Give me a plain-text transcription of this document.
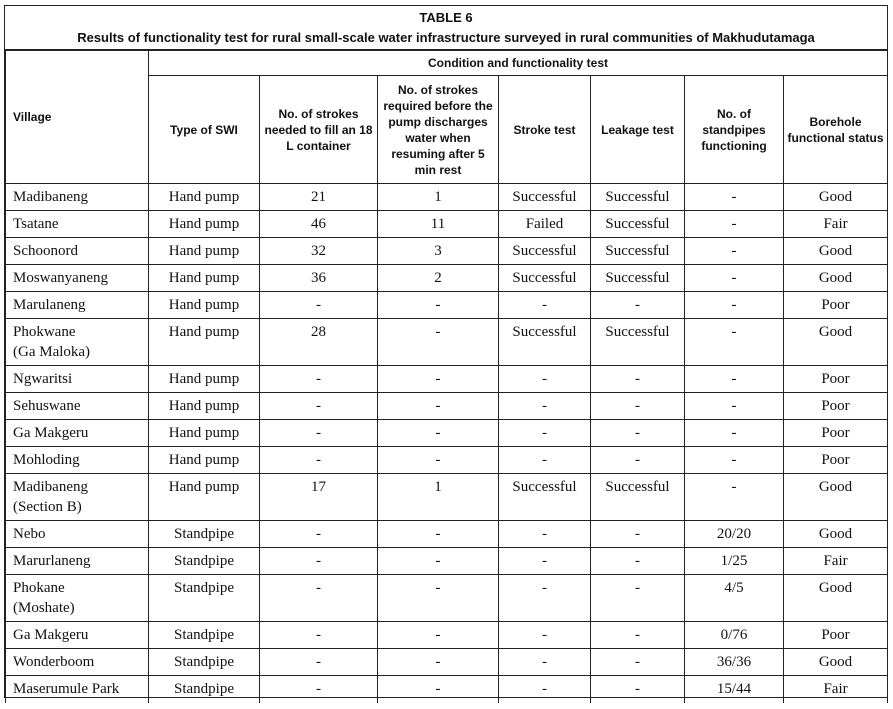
TABLE 6
Results of functionality test for rural small-scale water infrastructure surveyed in rural communities of Makhudutamaga
Village	Condition and functionality test						
	Type of SWI	No. of strokes needed to fill an 18 L container	No. of strokes required before the pump discharges water when resuming after 5 min rest	Stroke test	Leakage test	No. of standpipes functioning	Borehole functional status
Madibaneng	Hand pump	21	1	Successful	Successful	-	Good
Tsatane	Hand pump	46	11	Failed	Successful	-	Fair
Schoonord	Hand pump	32	3	Successful	Successful	-	Good
Moswanyaneng	Hand pump	36	2	Successful	Successful	-	Good
Marulaneng	Hand pump	-	-	-	-	-	Poor
Phokwane
(Ga Maloka)	Hand pump	28	-	Successful	Successful	-	Good
Ngwaritsi	Hand pump	-	-	-	-	-	Poor
Sehuswane	Hand pump	-	-	-	-	-	Poor
Ga Makgeru	Hand pump	-	-	-	-	-	Poor
Mohloding	Hand pump	-	-	-	-	-	Poor
Madibaneng
(Section B)	Hand pump	17	1	Successful	Successful	-	Good
Nebo	Standpipe	-	-	-	-	20/20	Good
Marurlaneng	Standpipe	-	-	-	-	1/25	Fair
Phokane
(Moshate)	Standpipe	-	-	-	-	4/5	Good
Ga Makgeru	Standpipe	-	-	-	-	0/76	Poor
Wonderboom	Standpipe	-	-	-	-	36/36	Good
Maserumule Park	Standpipe	-	-	-	-	15/44	Fair
